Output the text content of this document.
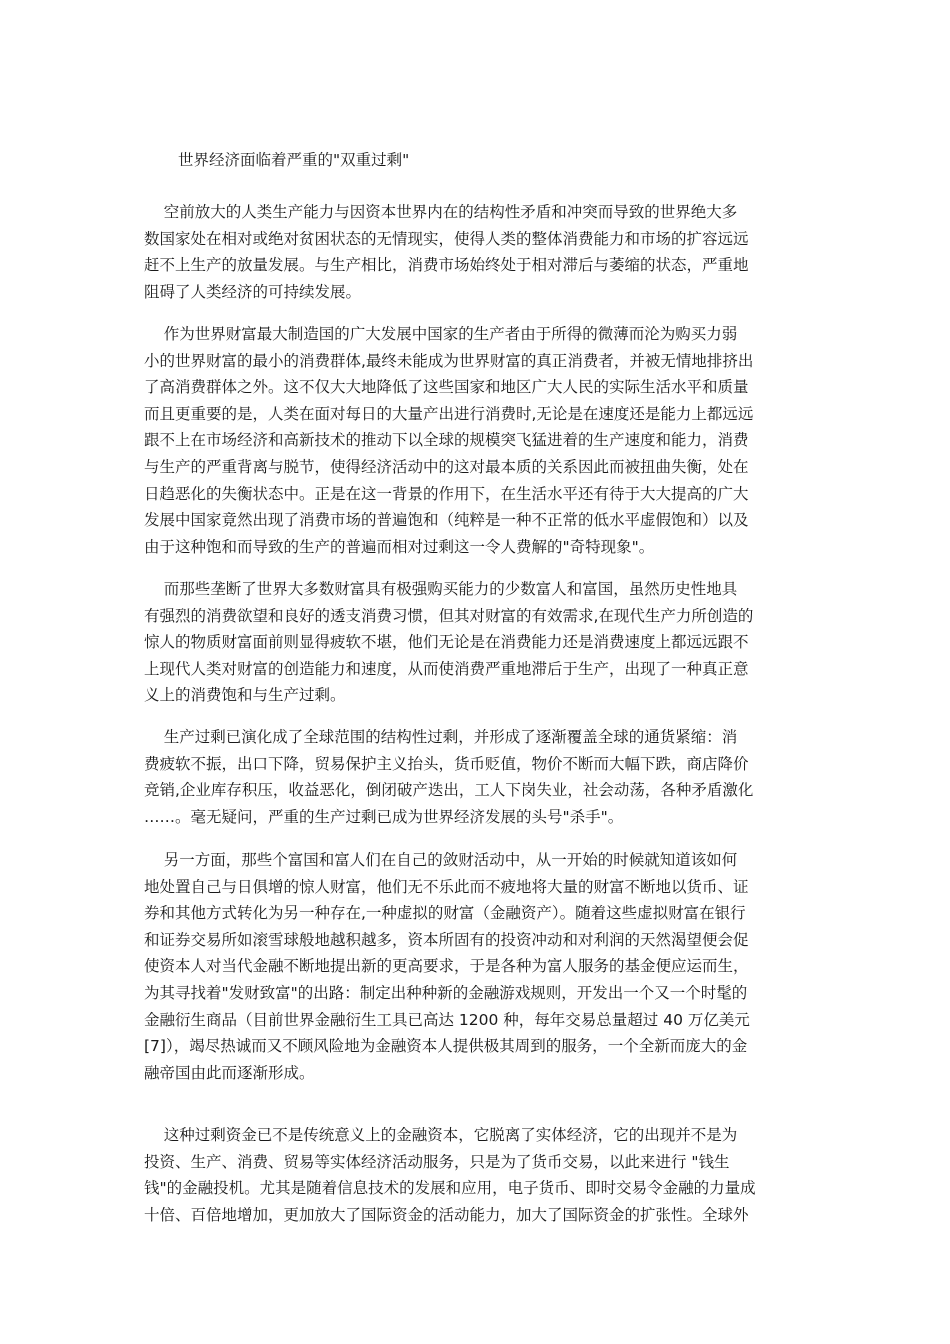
世界经济面临着严重的"双重过剩"

空前放大的人类生产能力与因资本世界内在的结构性矛盾和冲突而导致的世界绝大多
数国家处在相对或绝对贫困状态的无情现实，使得人类的整体消费能力和市场的扩容远远
赶不上生产的放量发展。与生产相比，消费市场始终处于相对滞后与萎缩的状态，严重地
阻碍了人类经济的可持续发展。
作为世界财富最大制造国的广大发展中国家的生产者由于所得的微薄而沦为购买力弱
小的世界财富的最小的消费群体,最终未能成为世界财富的真正消费者，并被无情地排挤出
了高消费群体之外。这不仅大大地降低了这些国家和地区广大人民的实际生活水平和质量
而且更重要的是，人类在面对每日的大量产出进行消费时,无论是在速度还是能力上都远远
跟不上在市场经济和高新技术的推动下以全球的规模突飞猛进着的生产速度和能力，消费
与生产的严重背离与脱节，使得经济活动中的这对最本质的关系因此而被扭曲失衡，处在
日趋恶化的失衡状态中。正是在这一背景的作用下，在生活水平还有待于大大提高的广大
发展中国家竟然出现了消费市场的普遍饱和（纯粹是一种不正常的低水平虚假饱和）以及
由于这种饱和而导致的生产的普遍而相对过剩这一令人费解的"奇特现象"。
而那些垄断了世界大多数财富具有极强购买能力的少数富人和富国，虽然历史性地具
有强烈的消费欲望和良好的透支消费习惯，但其对财富的有效需求,在现代生产力所创造的
惊人的物质财富面前则显得疲软不堪，他们无论是在消费能力还是消费速度上都远远跟不
上现代人类对财富的创造能力和速度，从而使消费严重地滞后于生产，出现了一种真正意
义上的消费饱和与生产过剩。
生产过剩已演化成了全球范围的结构性过剩，并形成了逐渐覆盖全球的通货紧缩：消
费疲软不振，出口下降，贸易保护主义抬头，货币贬值，物价不断而大幅下跌，商店降价
竞销,企业库存积压，收益恶化，倒闭破产迭出，工人下岗失业，社会动荡，各种矛盾激化
……。毫无疑问，严重的生产过剩已成为世界经济发展的头号"杀手"。
另一方面，那些个富国和富人们在自己的敛财活动中，从一开始的时候就知道该如何
地处置自己与日俱增的惊人财富，他们无不乐此而不疲地将大量的财富不断地以货币、证
券和其他方式转化为另一种存在,一种虚拟的财富（金融资产）。随着这些虚拟财富在银行
和证券交易所如滚雪球般地越积越多，资本所固有的投资冲动和对利润的天然渴望便会促
使资本人对当代金融不断地提出新的更高要求，于是各种为富人服务的基金便应运而生，
为其寻找着"发财致富"的出路：制定出种种新的金融游戏规则，开发出一个又一个时髦的
金融衍生商品（目前世界金融衍生工具已高达 1200 种，每年交易总量超过 40 万亿美元
[7]），竭尽热诚而又不顾风险地为金融资本人提供极其周到的服务，一个全新而庞大的金
融帝国由此而逐渐形成。
这种过剩资金已不是传统意义上的金融资本，它脱离了实体经济，它的出现并不是为
投资、生产、消费、贸易等实体经济活动服务，只是为了货币交易，以此来进行 "钱生
钱"的金融投机。尤其是随着信息技术的发展和应用，电子货币、即时交易令金融的力量成
十倍、百倍地增加，更加放大了国际资金的活动能力，加大了国际资金的扩张性。全球外
